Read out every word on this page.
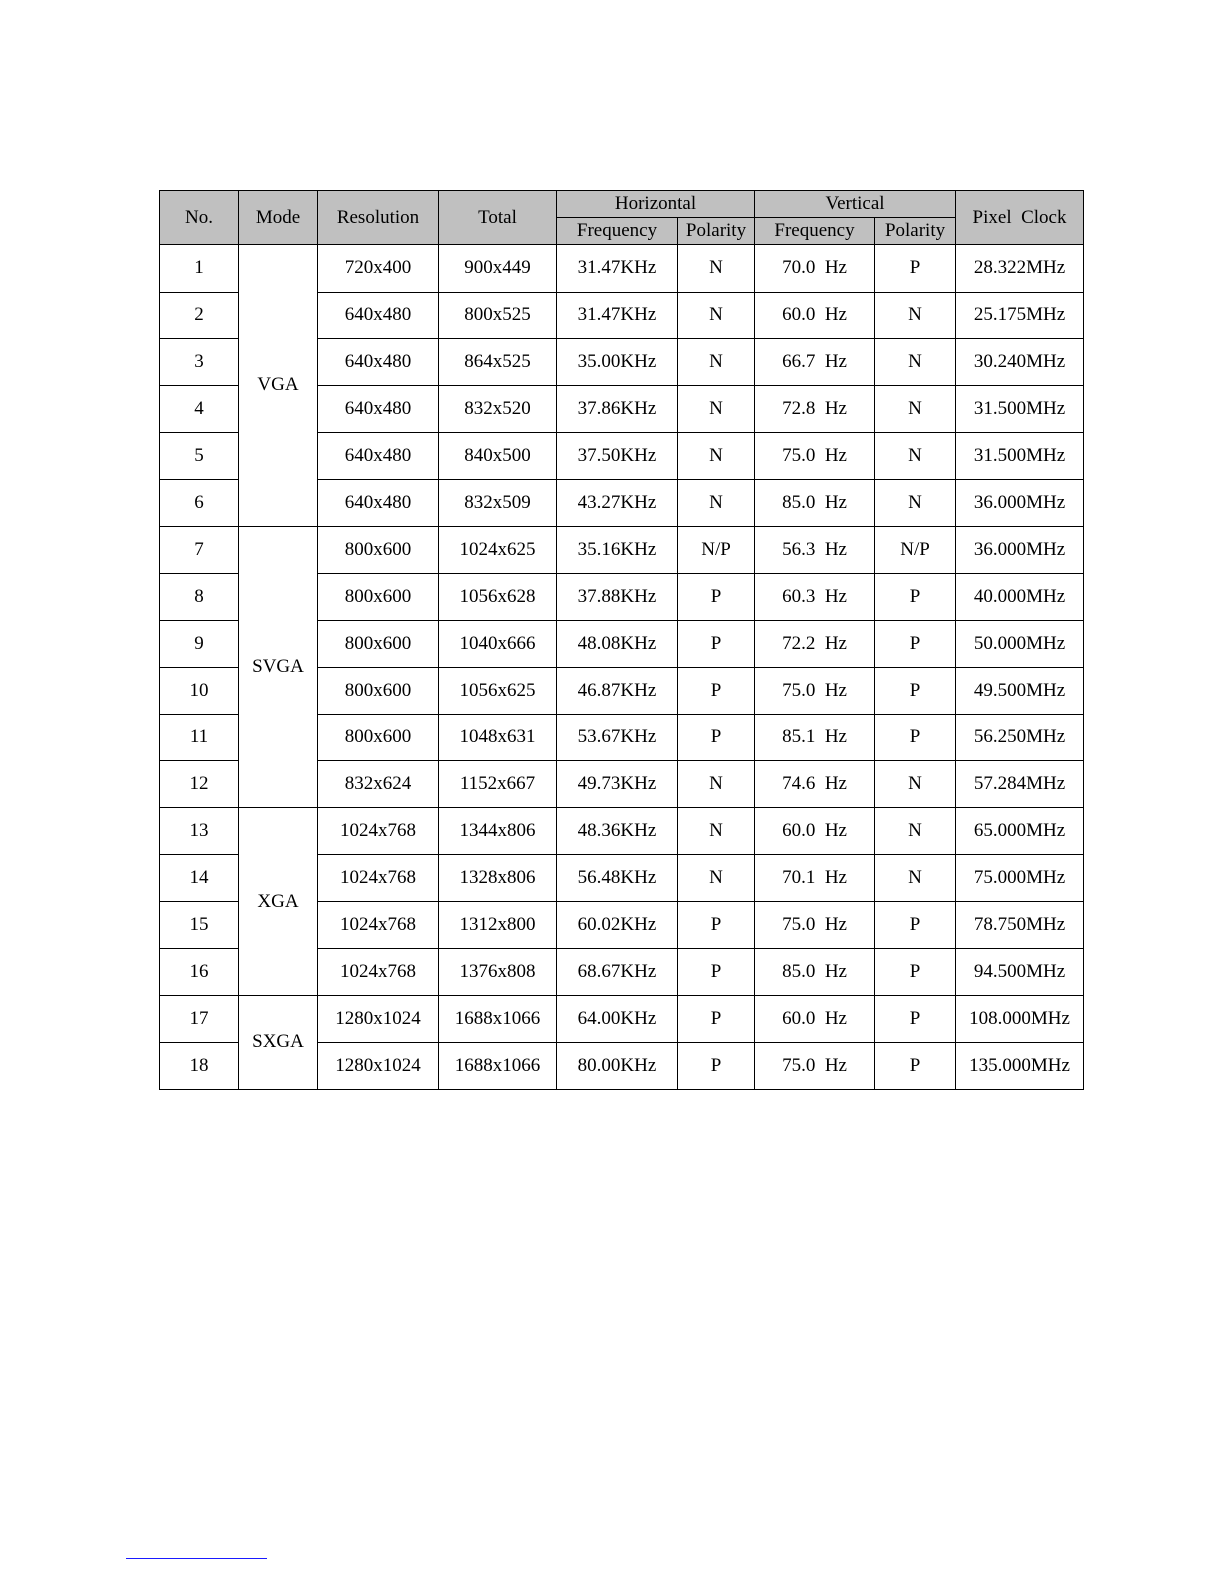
No.	Mode	Resolution	Total	Horizontal		Vertical		Pixel  Clock
				Frequency	Polarity	Frequency	Polarity	
1	VGA	720x400	900x449	31.47KHz	N	70.0  Hz	P	28.322MHz
2		640x480	800x525	31.47KHz	N	60.0  Hz	N	25.175MHz
3		640x480	864x525	35.00KHz	N	66.7  Hz	N	30.240MHz
4		640x480	832x520	37.86KHz	N	72.8  Hz	N	31.500MHz
5		640x480	840x500	37.50KHz	N	75.0  Hz	N	31.500MHz
6		640x480	832x509	43.27KHz	N	85.0  Hz	N	36.000MHz
7	SVGA	800x600	1024x625	35.16KHz	N/P	56.3  Hz	N/P	36.000MHz
8		800x600	1056x628	37.88KHz	P	60.3  Hz	P	40.000MHz
9		800x600	1040x666	48.08KHz	P	72.2  Hz	P	50.000MHz
10		800x600	1056x625	46.87KHz	P	75.0  Hz	P	49.500MHz
11		800x600	1048x631	53.67KHz	P	85.1  Hz	P	56.250MHz
12		832x624	1152x667	49.73KHz	N	74.6  Hz	N	57.284MHz
13	XGA	1024x768	1344x806	48.36KHz	N	60.0  Hz	N	65.000MHz
14		1024x768	1328x806	56.48KHz	N	70.1  Hz	N	75.000MHz
15		1024x768	1312x800	60.02KHz	P	75.0  Hz	P	78.750MHz
16		1024x768	1376x808	68.67KHz	P	85.0  Hz	P	94.500MHz
17	SXGA	1280x1024	1688x1066	64.00KHz	P	60.0  Hz	P	108.000MHz
18		1280x1024	1688x1066	80.00KHz	P	75.0  Hz	P	135.000MHz
